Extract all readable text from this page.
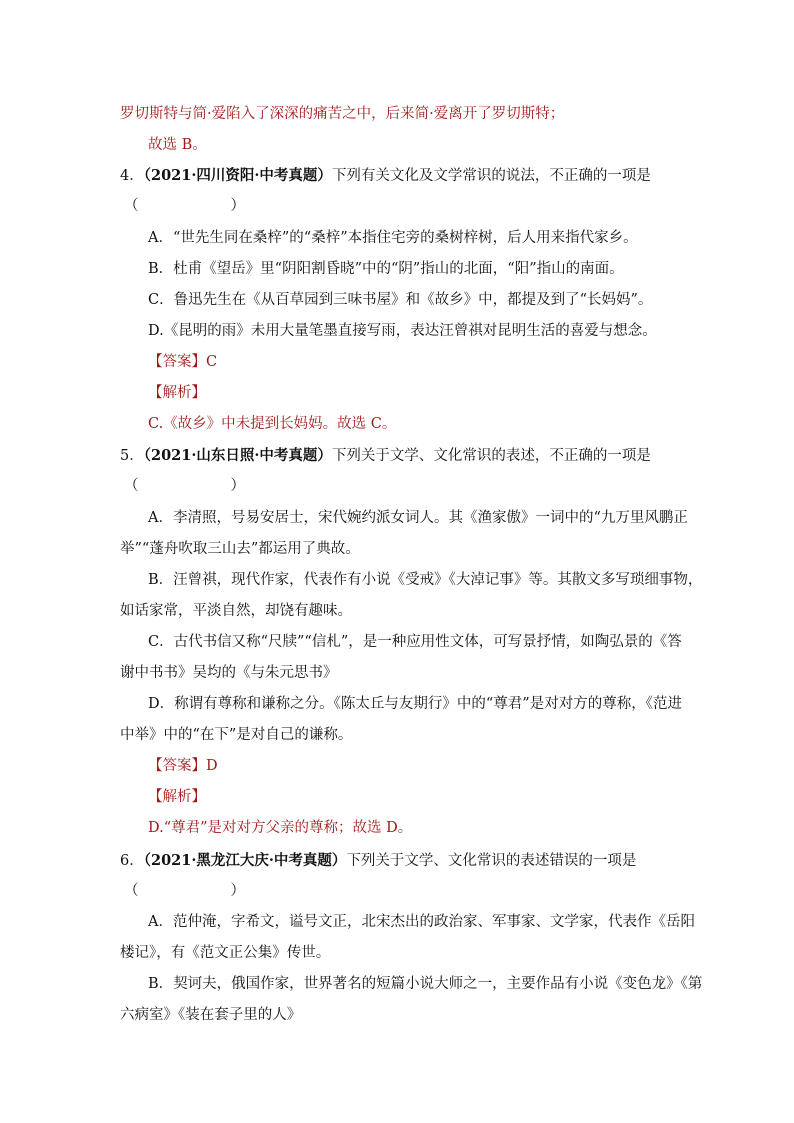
罗切斯特与简·爱陷入了深深的痛苦之中，后来简·爱离开了罗切斯特；
故选 B。
4．（2021·四川资阳·中考真题）下列有关文化及文学常识的说法，不正确的一项是
（	）
A．“世先生同在桑梓”的“桑梓”本指住宅旁的桑树梓树，后人用来指代家乡。
B．杜甫《望岳》里“阴阳割昏晓”中的“阴”指山的北面，“阳”指山的南面。
C．鲁迅先生在《从百草园到三味书屋》和《故乡》中，都提及到了“长妈妈”。
D.《昆明的雨》未用大量笔墨直接写雨，表达汪曾祺对昆明生活的喜爱与想念。
【答案】C
【解析】
C.《故乡》中未提到长妈妈。故选 C。
5．（2021·山东日照·中考真题）下列关于文学、文化常识的表述，不正确的一项是
（	）
A．李清照，号易安居士，宋代婉约派女词人。其《渔家傲》一词中的“九万里风鹏正
举”“蓬舟吹取三山去”都运用了典故。
B．汪曾祺，现代作家，代表作有小说《受戒》《大淖记事》等。其散文多写琐细事物，
如话家常，平淡自然，却饶有趣味。
C．古代书信又称“尺牍”“信札”，是一种应用性文体，可写景抒情，如陶弘景的《答
谢中书书》吴均的《与朱元思书》
D．称谓有尊称和谦称之分。《陈太丘与友期行》中的“尊君”是对对方的尊称，《范进
中举》中的“在下”是对自己的谦称。
【答案】D
【解析】
D.“尊君”是对对方父亲的尊称；故选 D。
6．（2021·黑龙江大庆·中考真题）下列关于文学、文化常识的表述错误的一项是
（	）
A．范仲淹，字希文，谥号文正，北宋杰出的政治家、军事家、文学家，代表作《岳阳
楼记》，有《范文正公集》传世。
B．契诃夫，俄国作家，世界著名的短篇小说大师之一，主要作品有小说《变色龙》《第
六病室》《装在套子里的人》
